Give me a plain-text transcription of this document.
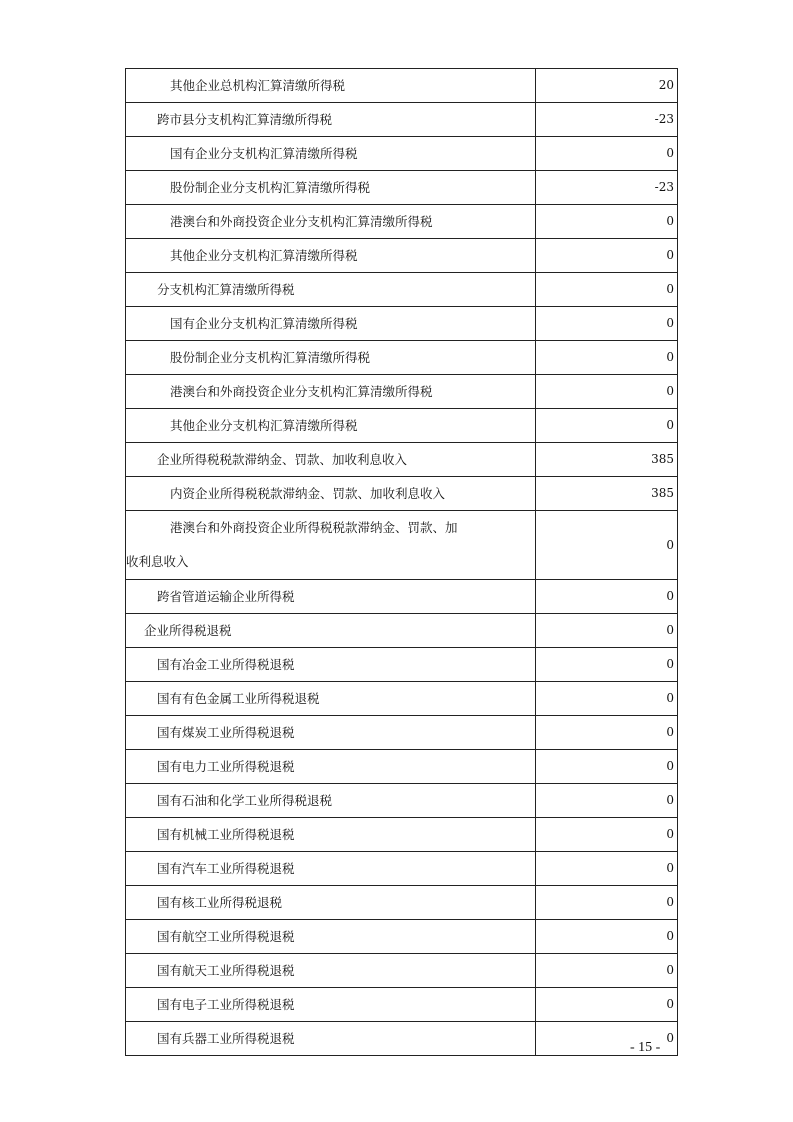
其他企业总机构汇算清缴所得税	20
跨市县分支机构汇算清缴所得税	-23
国有企业分支机构汇算清缴所得税	0
股份制企业分支机构汇算清缴所得税	-23
港澳台和外商投资企业分支机构汇算清缴所得税	0
其他企业分支机构汇算清缴所得税	0
分支机构汇算清缴所得税	0
国有企业分支机构汇算清缴所得税	0
股份制企业分支机构汇算清缴所得税	0
港澳台和外商投资企业分支机构汇算清缴所得税	0
其他企业分支机构汇算清缴所得税	0
企业所得税税款滞纳金、罚款、加收利息收入	385
内资企业所得税税款滞纳金、罚款、加收利息收入	385

港澳台和外商投资企业所得税税款滞纳金、罚款、加
收利息收入	0
跨省管道运输企业所得税	0
企业所得税退税	0
国有冶金工业所得税退税	0
国有有色金属工业所得税退税	0
国有煤炭工业所得税退税	0
国有电力工业所得税退税	0
国有石油和化学工业所得税退税	0
国有机械工业所得税退税	0
国有汽车工业所得税退税	0
国有核工业所得税退税	0
国有航空工业所得税退税	0
国有航天工业所得税退税	0
国有电子工业所得税退税	0
国有兵器工业所得税退税	0
- 15 -
